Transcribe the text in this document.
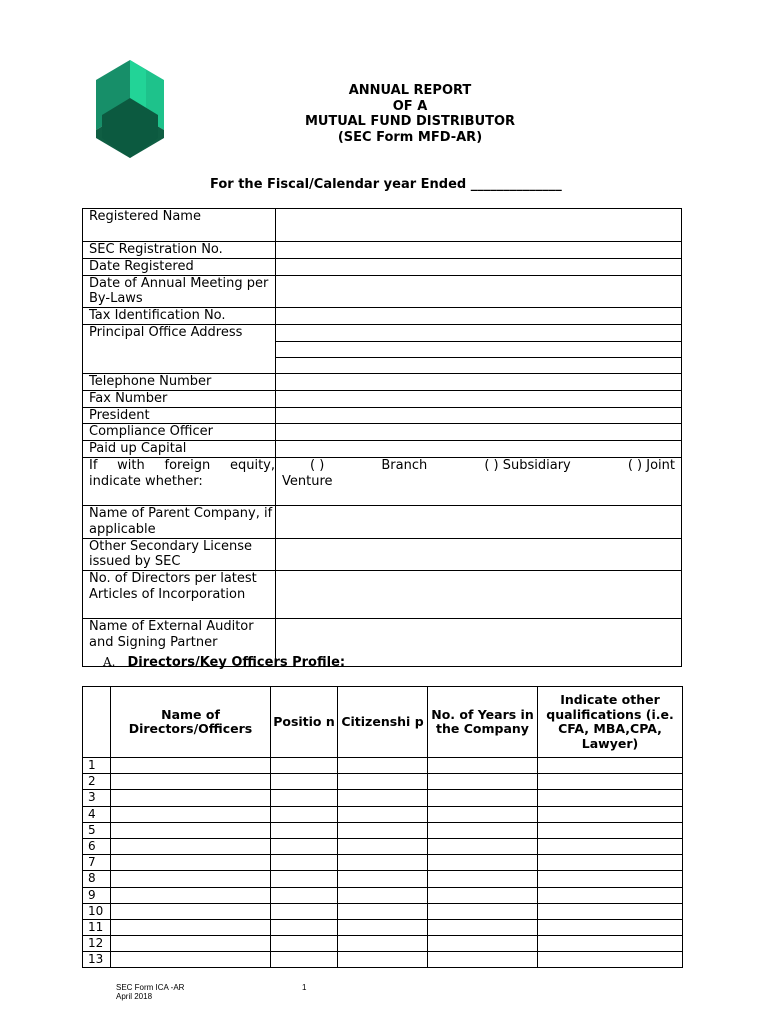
ANNUAL REPORT
OF A
MUTUAL FUND DISTRIBUTOR
(SEC Form MFD-AR)
For the Fiscal/Calendar year Ended ______________
Registered Name	
SEC Registration No.	
Date Registered	
Date of Annual Meeting per By-Laws	
Tax Identification No.	
Principal Office Address	

Telephone Number	
Fax Number	
President	
Compliance Officer	
Paid up Capital	
If with foreign equity, indicate whether:	( ) Branch ( ) Subsidiary ( ) Joint
Venture

Name of Parent Company, if applicable	
Other Secondary License issued by SEC	
No. of Directors per latest Articles of Incorporation	
Name of External Auditor and Signing Partner	
A. Directors/Key Officers Profile:
	Name of Directors/Officers	Positio n	Citizenshi p	No. of Years in the Company	Indicate other qualifications (i.e. CFA, MBA,CPA, Lawyer)
1					
2					
3					
4					
5					
6					
7					
8					
9					
10					
11					
12					
13					
SEC Form ICA -AR
April 2018
1
